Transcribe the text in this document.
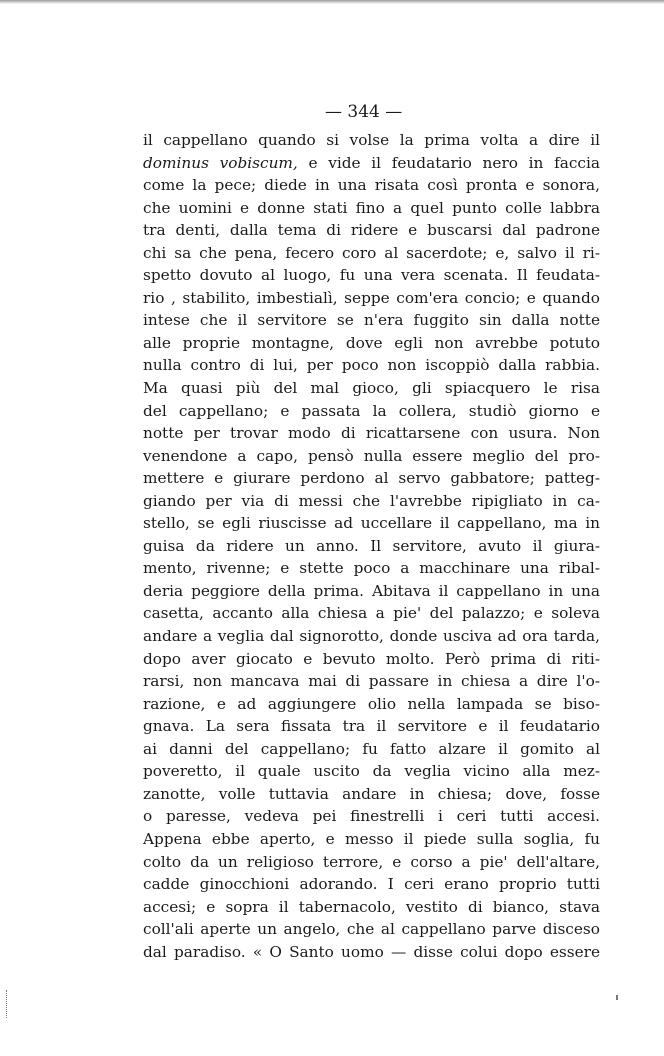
— 344 —
il cappellano quando si volse la prima volta a dire il
dominus vobiscum, e vide il feudatario nero in faccia
come la pece; diede in una risata così pronta e sonora,
che uomini e donne stati fino a quel punto colle labbra
tra denti, dalla tema di ridere e buscarsi dal padrone
chi sa che pena, fecero coro al sacerdote; e, salvo il ri-
spetto dovuto al luogo, fu una vera scenata. Il feudata-
rio , stabilito, imbestialì, seppe com'era concio; e quando
intese che il servitore se n'era fuggito sin dalla notte
alle proprie montagne, dove egli non avrebbe potuto
nulla contro di lui, per poco non iscoppiò dalla rabbia.
Ma quasi più del mal gioco, gli spiacquero le risa
del cappellano; e passata la collera, studiò giorno e
notte per trovar modo di ricattarsene con usura. Non
venendone a capo, pensò nulla essere meglio del pro-
mettere e giurare perdono al servo gabbatore; patteg-
giando per via di messi che l'avrebbe ripigliato in ca-
stello, se egli riuscisse ad uccellare il cappellano, ma in
guisa da ridere un anno. Il servitore, avuto il giura-
mento, rivenne; e stette poco a macchinare una ribal-
deria peggiore della prima. Abitava il cappellano in una
casetta, accanto alla chiesa a pie' del palazzo; e soleva
andare a veglia dal signorotto, donde usciva ad ora tarda,
dopo aver giocato e bevuto molto. Però prima di riti-
rarsi, non mancava mai di passare in chiesa a dire l'o-
razione, e ad aggiungere olio nella lampada se biso-
gnava. La sera fissata tra il servitore e il feudatario
ai danni del cappellano; fu fatto alzare il gomito al
poveretto, il quale uscito da veglia vicino alla mez-
zanotte, volle tuttavia andare in chiesa; dove, fosse
o paresse, vedeva pei finestrelli i ceri tutti accesi.
Appena ebbe aperto, e messo il piede sulla soglia, fu
colto da un religioso terrore, e corso a pie' dell'altare,
cadde ginocchioni adorando. I ceri erano proprio tutti
accesi; e sopra il tabernacolo, vestito di bianco, stava
coll'ali aperte un angelo, che al cappellano parve disceso
dal paradiso. « O Santo uomo — disse colui dopo essere
